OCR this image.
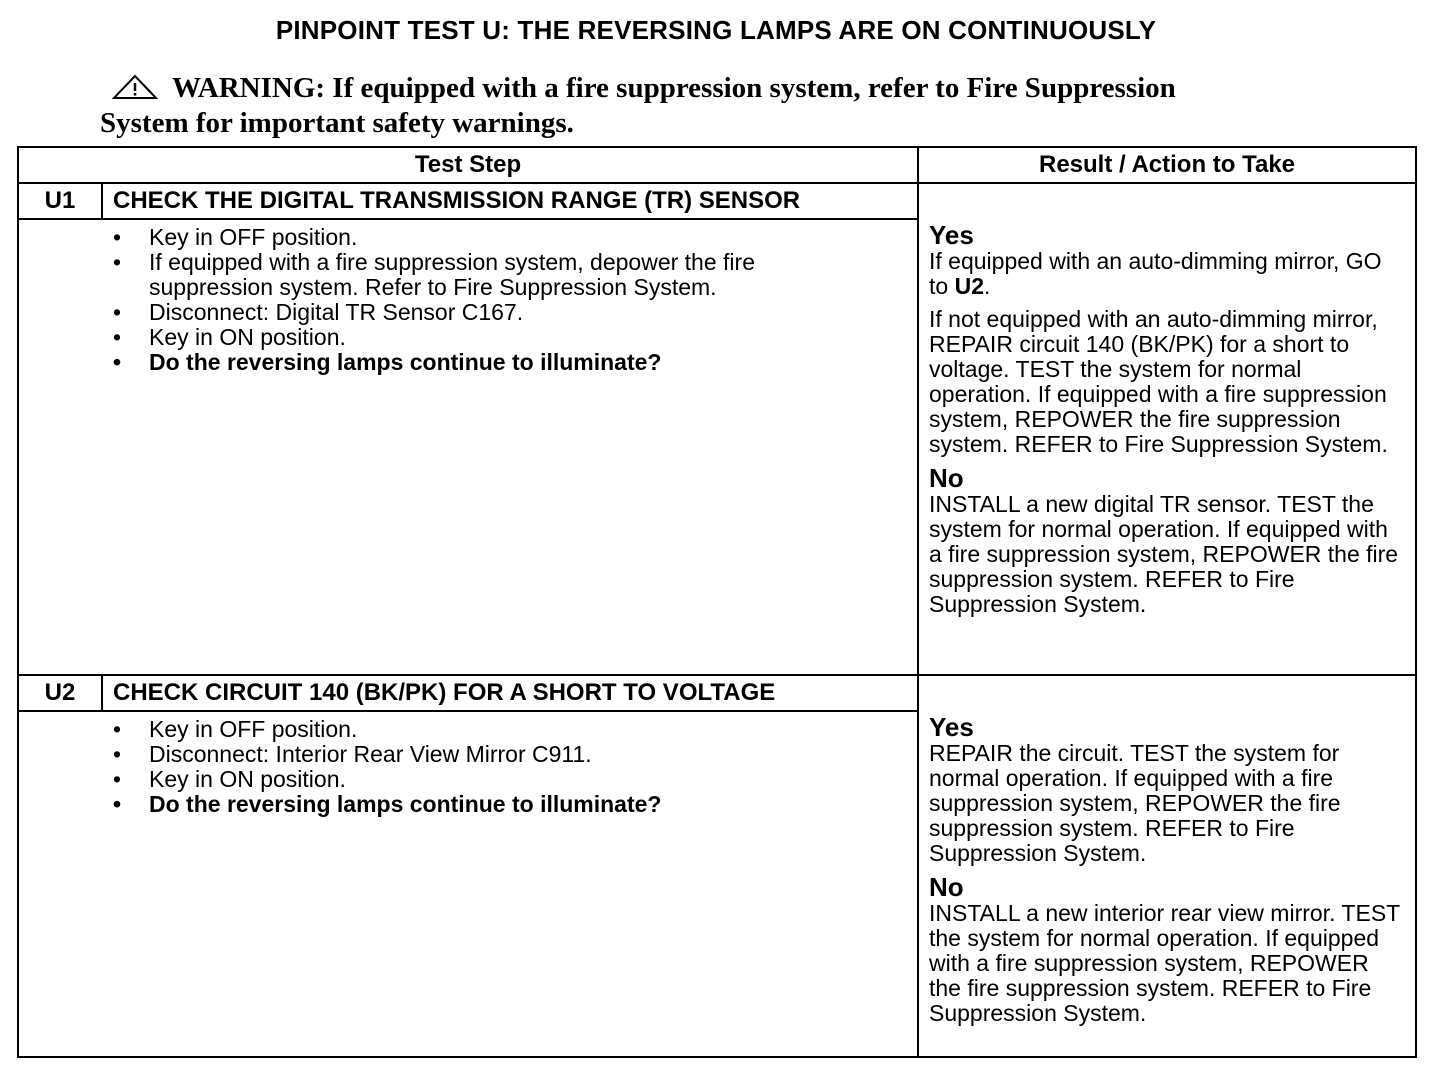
PINPOINT TEST U: THE REVERSING LAMPS ARE ON CONTINUOUSLY
WARNING: If equipped with a fire suppression system, refer to Fire Suppression
System for important safety warnings.
Test Step	Result / Action to Take
U1	CHECK THE DIGITAL TRANSMISSION RANGE (TR) SENSOR
• Key in OFF position.
• If equipped with a fire suppression system, depower the fire suppression system. Refer to Fire Suppression System.
• Disconnect: Digital TR Sensor C167.
• Key in ON position.
• Do the reversing lamps continue to illuminate?
Yes

If equipped with an auto-dimming mirror, GO to U2.

If not equipped with an auto-dimming mirror, REPAIR circuit 140 (BK/PK) for a short to voltage. TEST the system for normal operation. If equipped with a fire suppression system, REPOWER the fire suppression system. REFER to Fire Suppression System.

No

INSTALL a new digital TR sensor. TEST the system for normal operation. If equipped with a fire suppression system, REPOWER the fire suppression system. REFER to Fire Suppression System.

U2	CHECK CIRCUIT 140 (BK/PK) FOR A SHORT TO VOLTAGE
• Key in OFF position.
• Disconnect: Interior Rear View Mirror C911.
• Key in ON position.
• Do the reversing lamps continue to illuminate?
Yes

REPAIR the circuit. TEST the system for normal operation. If equipped with a fire suppression system, REPOWER the fire suppression system. REFER to Fire Suppression System.

No

INSTALL a new interior rear view mirror. TEST the system for normal operation. If equipped with a fire suppression system, REPOWER the fire suppression system. REFER to Fire Suppression System.
